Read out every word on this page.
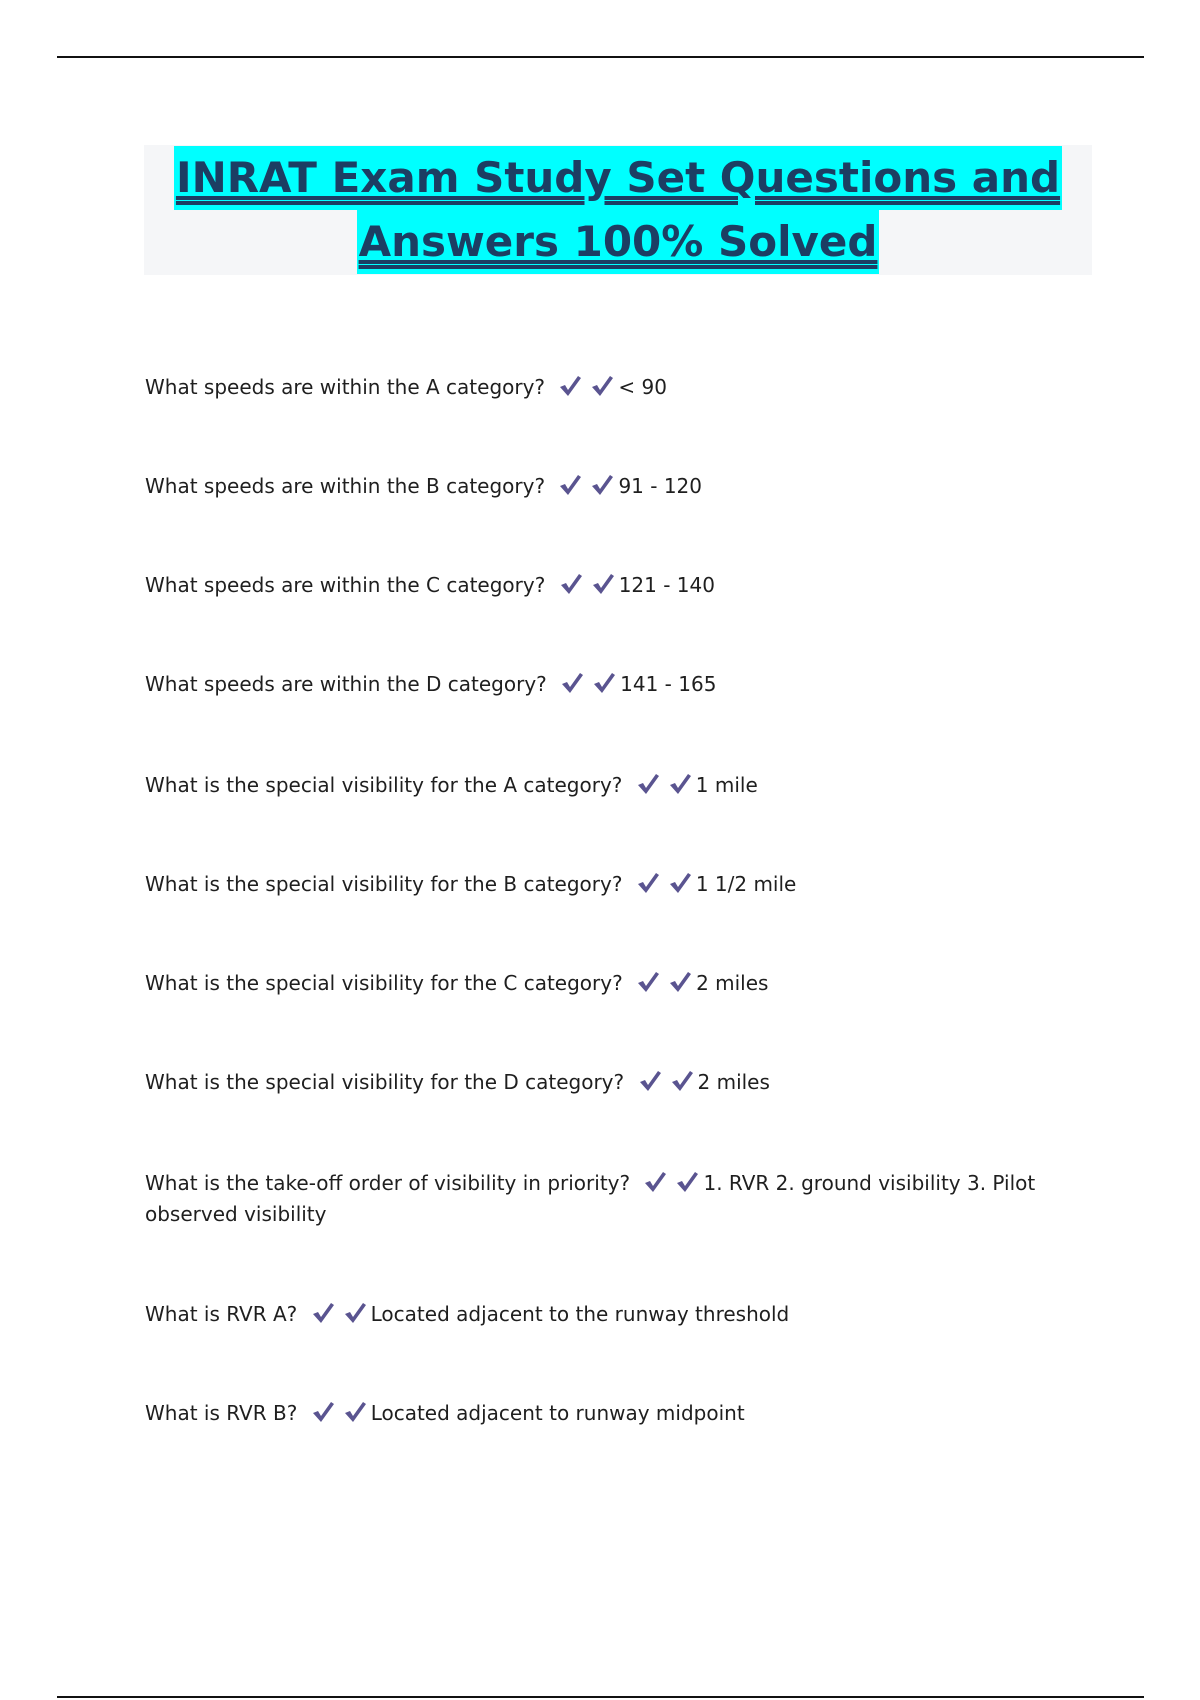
INRAT Exam Study Set Questions and
Answers 100% Solved
What speeds are within the A category?	< 90
What speeds are within the B category?	91 - 120
What speeds are within the C category?	121 - 140
What speeds are within the D category?	141 - 165
What is the special visibility for the A category?	1 mile
What is the special visibility for the B category?	1 1/2 mile
What is the special visibility for the C category?	2 miles
What is the special visibility for the D category?	2 miles
What is the take-off order of visibility in priority?	1. RVR 2. ground visibility 3. Pilot observed visibility
What is RVR A?	Located adjacent to the runway threshold
What is RVR B?	Located adjacent to runway midpoint
